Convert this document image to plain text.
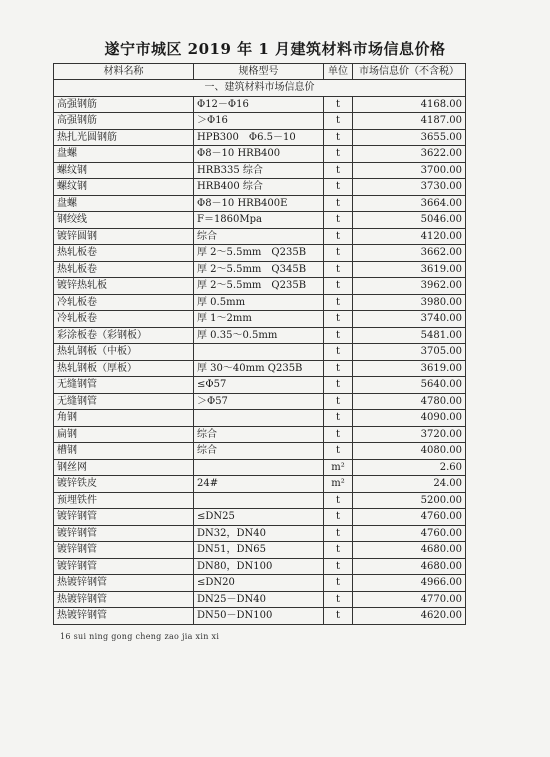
遂宁市城区 2019 年 1 月建筑材料市场信息价格
材料名称	规格型号	单位	市场信息价（不含税）
一、建筑材料市场信息价			
高强钢筋	Φ12－Φ16	t	4168.00
高强钢筋	＞Φ16	t	4187.00
热扎光圆钢筋	HPB300　Φ6.5－10	t	3655.00
盘螺	Φ8－10 HRB400	t	3622.00
螺纹钢	HRB335 综合	t	3700.00
螺纹钢	HRB400 综合	t	3730.00
盘螺	Φ8－10 HRB400E	t	3664.00
钢绞线	F＝1860Mpa	t	5046.00
镀锌圆钢	综合	t	4120.00
热轧板卷	厚 2～5.5mm　Q235B	t	3662.00
热轧板卷	厚 2～5.5mm　Q345B	t	3619.00
镀锌热轧板	厚 2～5.5mm　Q235B	t	3962.00
冷轧板卷	厚 0.5mm	t	3980.00
冷轧板卷	厚 1～2mm	t	3740.00
彩涂板卷（彩钢板）	厚 0.35～0.5mm	t	5481.00
热轧钢板（中板）		t	3705.00
热轧钢板（厚板）	厚 30～40mm Q235B	t	3619.00
无缝钢管	≤Φ57	t	5640.00
无缝钢管	＞Φ57	t	4780.00
角钢		t	4090.00
扁钢	综合	t	3720.00
槽钢	综合	t	4080.00
钢丝网		m²	2.60
镀锌铁皮	24#	m²	24.00
预埋铁件		t	5200.00
镀锌钢管	≤DN25	t	4760.00
镀锌钢管	DN32，DN40	t	4760.00
镀锌钢管	DN51，DN65	t	4680.00
镀锌钢管	DN80，DN100	t	4680.00
热镀锌钢管	≤DN20	t	4966.00
热镀锌钢管	DN25－DN40	t	4770.00
热镀锌钢管	DN50－DN100	t	4620.00
16 sui ning gong cheng zao jia xin xi
